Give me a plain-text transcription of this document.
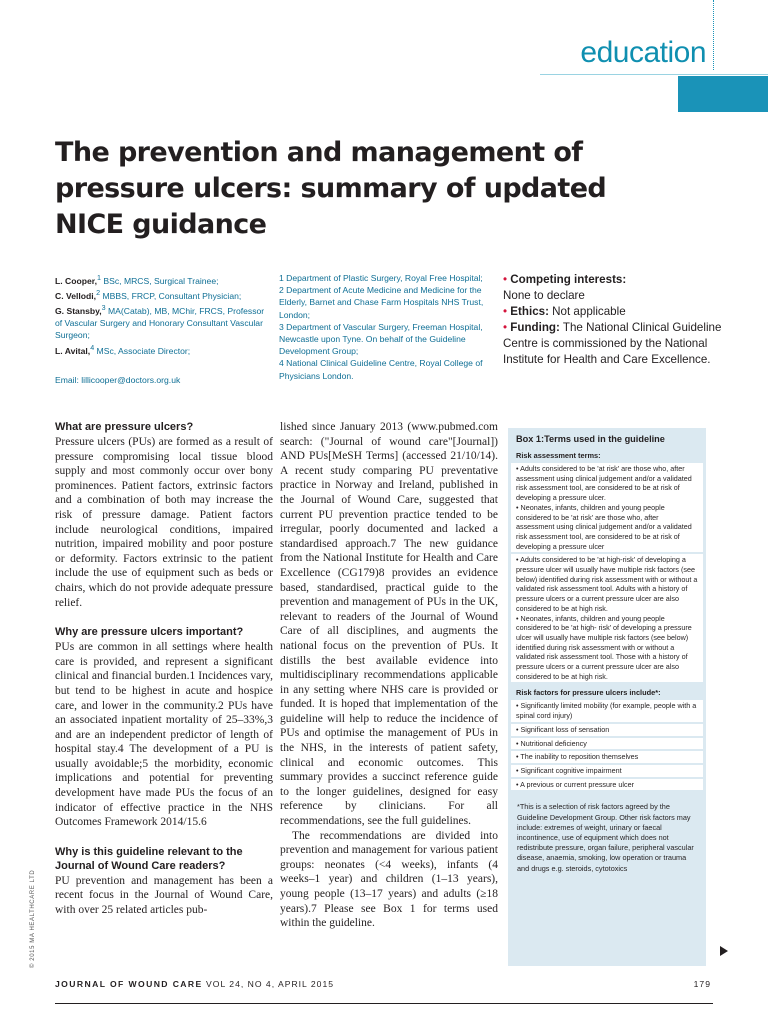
education
The prevention and management of pressure ulcers: summary of updated NICE guidance
L. Cooper,$^1$ BSc, MRCS, Surgical Trainee;
C. Vellodi,$^2$ MBBS, FRCP, Consultant Physician;
G. Stansby,$^3$ MA(Catab), MB, MChir, FRCS, Professor of Vascular Surgery and Honorary Consultant Vascular Surgeon;
L. Avital,$^4$ MSc, Associate Director;
Email: lillicooper@doctors.org.uk
1 Department of Plastic Surgery, Royal Free Hospital;
2 Department of Acute Medicine and Medicine for the Elderly, Barnet and Chase Farm Hospitals NHS Trust, London;
3 Department of Vascular Surgery, Freeman Hospital, Newcastle upon Tyne. On behalf of the Guideline Development Group;
4 National Clinical Guideline Centre, Royal College of Physicians London.
• Competing interests:
None to declare
• Ethics: Not applicable
• Funding: The National Clinical Guideline Centre is commissioned by the National Institute for Health and Care Excellence.
What are pressure ulcers?
Pressure ulcers (PUs) are formed as a result of pressure compromising local tissue blood supply and most commonly occur over bony prominences. Patient factors, extrinsic factors and a combination of both may increase the risk of pressure damage. Patient factors include neurological conditions, impaired nutrition, impaired mobility and poor posture or deformity. Factors extrinsic to the patient include the use of equipment such as beds or chairs, which do not provide adequate pressure relief.
Why are pressure ulcers important?
PUs are common in all settings where health care is provided, and represent a significant clinical and financial burden.1 Incidences vary, but tend to be highest in acute and hospice care, and lower in the community.2 PUs have an associated inpatient mortality of 25–33%,3 and are an independent predictor of length of hospital stay.4 The development of a PU is usually avoidable;5 the morbidity, economic implications and potential for preventing development have made PUs the focus of an indicator of effective practice in the NHS Outcomes Framework 2014/15.6
Why is this guideline relevant to the Journal of Wound Care readers?
PU prevention and management has been a recent focus in the Journal of Wound Care, with over 25 related articles pub-
lished since January 2013 (www.pubmed.com search: ("Journal of wound care"[Journal]) AND PUs[MeSH Terms] (accessed 21/10/14). A recent study comparing PU preventative practice in Norway and Ireland, published in the Journal of Wound Care, suggested that current PU prevention practice tended to be irregular, poorly documented and lacked a standardised approach.7 The new guidance from the National Institute for Health and Care Excellence (CG179)8 provides an evidence based, standardised, practical guide to the prevention and management of PUs in the UK, relevant to readers of the Journal of Wound Care of all disciplines, and augments the national focus on the prevention of PUs. It distills the best available evidence into multidisciplinary recommendations applicable in any setting where NHS care is provided or funded. It is hoped that implementation of the guideline will help to reduce the incidence of PUs and optimise the management of PUs in the NHS, in the interests of patient safety, clinical and economic outcomes. This summary provides a succinct reference guide to the longer guidelines, designed for easy reference by clinicians. For all recommendations, see the full guidelines.
The recommendations are divided into prevention and management for various patient groups: neonates (<4 weeks), infants (4 weeks–1 year) and children (1–13 years), young people (13–17 years) and adults (≥18 years).7 Please see Box 1 for terms used within the guideline.
Box 1:Terms used in the guideline
Risk assessment terms:
• Adults considered to be 'at risk' are those who, after assessment using clinical judgement and/or a validated risk assessment tool, are considered to be at risk of developing a pressure ulcer.
• Neonates, infants, children and young people considered to be 'at risk' are those who, after assessment using clinical judgement and/or a validated risk assessment tool, are considered to be at risk of developing a pressure ulcer
• Adults considered to be 'at high-risk' of developing a pressure ulcer will usually have multiple risk factors (see below) identified during risk assessment with or without a validated risk assessment tool. Adults with a history of pressure ulcers or a current pressure ulcer are also considered to be at high risk.
• Neonates, infants, children and young people considered to be 'at high- risk' of developing a pressure ulcer will usually have multiple risk factors (see below) identified during risk assessment with or without a validated risk assessment tool. Those with a history of pressure ulcers or a current pressure ulcer are also considered to be at high risk.
Risk factors for pressure ulcers include*:
• Significantly limited mobility (for example, people with a spinal cord injury)
• Significant loss of sensation
• Nutritional deficiency
• The inability to reposition themselves
• Significant cognitive impairment
• A previous or current pressure ulcer
*This is a selection of risk factors agreed by the Guideline Development Group. Other risk factors may include: extremes of weight, urinary or faecal incontinence, use of equipment which does not redistribute pressure, organ failure, peripheral vascular disease, anaemia, smoking, low operation or trauma and drugs e.g. steroids, cytotoxics
© 2015 MA HEALTHCARE LTD
JOURNAL OF WOUND CARE VOL 24, NO 4, APRIL 2015	179
